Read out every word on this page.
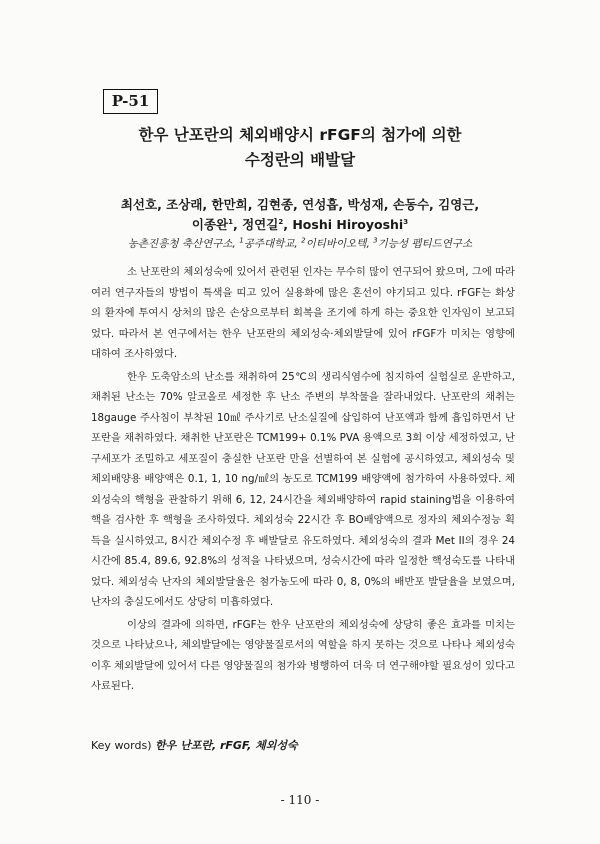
P-51
한우 난포란의 체외배양시 rFGF의 첨가에 의한
수정란의 배발달
최선호, 조상래, 한만희, 김현종, 연성흡, 박성재, 손동수, 김영근,
이종완$^1$, 정연길$^2$, Hoshi Hiroyoshi$^3$
농촌진흥청 축산연구소, $^1$공주대학교, $^2$이티바이오텍, $^3$기능성 펩티드연구소

소 난포란의 체외성숙에 있어서 관련된 인자는 무수히 많이 연구되어 왔으며, 그에 따라 여러 연구자들의 방법이 특색을 띠고 있어 실용화에 많은 혼선이 야기되고 있다. rFGF는 화상의 환자에 투여시 상처의 많은 손상으로부터 회복을 조기에 하게 하는 중요한 인자임이 보고되었다. 따라서 본 연구에서는 한우 난포란의 체외성숙·체외발달에 있어 rFGF가 미치는 영향에 대하여 조사하였다.

한우 도축암소의 난소를 채취하여 25℃의 생리식염수에 침지하여 실험실로 운반하고, 채취된 난소는 70% 알코올로 세정한 후 난소 주변의 부착물을 잘라내었다. 난포란의 채취는 18gauge 주사침이 부착된 10㎖ 주사기로 난소실질에 삽입하여 난포액과 함께 흡입하면서 난포란을 채취하였다. 채취한 난포란은 TCM199+ 0.1% PVA 용액으로 3회 이상 세정하였고, 난구세포가 조밀하고 세포질이 충실한 난포란 만을 선별하여 본 실험에 공시하였고, 체외성숙 및 체외배양용 배양액은 0.1, 1, 10 ng/㎖의 농도로 TCM199 배양액에 첨가하여 사용하였다. 체외성숙의 핵형을 관찰하기 위해 6, 12, 24시간을 체외배양하여 rapid staining법을 이용하여 핵을 검사한 후 핵형을 조사하였다. 체외성숙 22시간 후 BO배양액으로 정자의 체외수정능 획득을 실시하였고, 8시간 체외수정 후 배발달로 유도하였다. 체외성숙의 결과 Met II의 경우 24시간에 85.4, 89.6, 92.8%의 성적을 나타냈으며, 성숙시간에 따라 일정한 핵성숙도를 나타내었다. 체외성숙 난자의 체외발달율은 첨가농도에 따라 0, 8, 0%의 배반포 발달율을 보였으며, 난자의 충실도에서도 상당히 미흡하였다.

이상의 결과에 의하면, rFGF는 한우 난포란의 체외성숙에 상당히 좋은 효과를 미치는 것으로 나타났으나, 체외발달에는 영양물질로서의 역할을 하지 못하는 것으로 나타나 체외성숙이후 체외발달에 있어서 다른 영양물질의 첨가와 병행하여 더욱 더 연구해야할 필요성이 있다고 사료된다.

Key words) 한우 난포란, rFGF, 체외성숙
- 110 -
